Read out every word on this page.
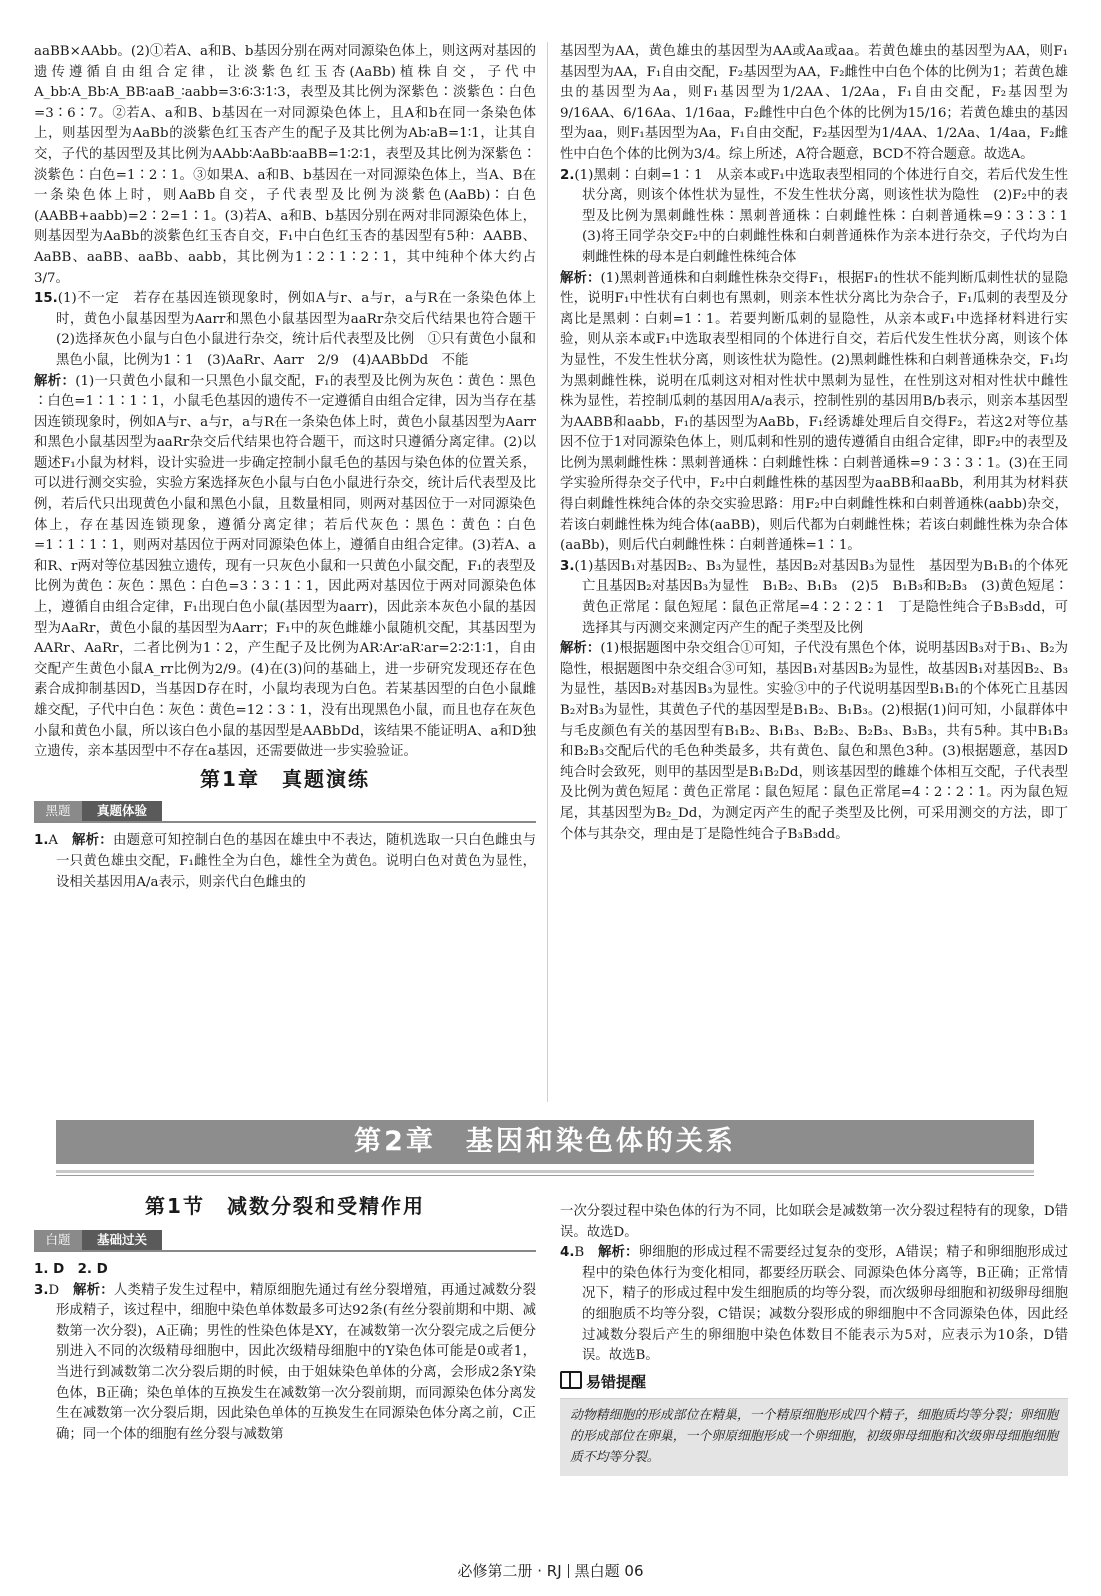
aaBB×AAbb。(2)①若A、a和B、b基因分别在两对同源染色体上，则这两对基因的遗传遵循自由组合定律，让淡紫色红玉杏(AaBb)植株自交，子代中A_bb∶A_Bb∶A_BB∶aaB_∶aabb=3∶6∶3∶1∶3，表型及其比例为深紫色∶淡紫色∶白色=3∶6∶7。②若A、a和B、b基因在一对同源染色体上，且A和b在同一条染色体上，则基因型为AaBb的淡紫色红玉杏产生的配子及其比例为Ab∶aB=1∶1，让其自交，子代的基因型及其比例为AAbb∶AaBb∶aaBB=1∶2∶1，表型及其比例为深紫色∶淡紫色∶白色=1∶2∶1。③如果A、a和B、b基因在一对同源染色体上，当A、B在一条染色体上时，则AaBb自交，子代表型及比例为淡紫色(AaBb)∶白色(AABB+aabb)=2∶2=1∶1。(3)若A、a和B、b基因分别在两对非同源染色体上，则基因型为AaBb的淡紫色红玉杏自交，F₁中白色红玉杏的基因型有5种：AABB、AaBB、aaBB、aaBb、aabb，其比例为1∶2∶1∶2∶1，其中纯种个体大约占3/7。

15.(1)不一定　若存在基因连锁现象时，例如A与r、a与r，a与R在一条染色体上时，黄色小鼠基因型为Aarr和黑色小鼠基因型为aaRr杂交后代结果也符合题干　(2)选择灰色小鼠与白色小鼠进行杂交，统计后代表型及比例　①只有黄色小鼠和黑色小鼠，比例为1∶1　(3)AaRr、Aarr　2/9　(4)AABbDd　不能

解析：(1)一只黄色小鼠和一只黑色小鼠交配，F₁的表型及比例为灰色∶黄色∶黑色∶白色=1∶1∶1∶1，小鼠毛色基因的遗传不一定遵循自由组合定律，因为当存在基因连锁现象时，例如A与r、a与r，a与R在一条染色体上时，黄色小鼠基因型为Aarr和黑色小鼠基因型为aaRr杂交后代结果也符合题干，而这时只遵循分离定律。(2)以题述F₁小鼠为材料，设计实验进一步确定控制小鼠毛色的基因与染色体的位置关系，可以进行测交实验，实验方案选择灰色小鼠与白色小鼠进行杂交，统计后代表型及比例，若后代只出现黄色小鼠和黑色小鼠，且数量相同，则两对基因位于一对同源染色体上，存在基因连锁现象，遵循分离定律；若后代灰色∶黑色∶黄色∶白色=1∶1∶1∶1，则两对基因位于两对同源染色体上，遵循自由组合定律。(3)若A、a和R、r两对等位基因独立遗传，现有一只灰色小鼠和一只黄色小鼠交配，F₁的表型及比例为黄色∶灰色∶黑色∶白色=3∶3∶1∶1，因此两对基因位于两对同源染色体上，遵循自由组合定律，F₁出现白色小鼠(基因型为aarr)，因此亲本灰色小鼠的基因型为AaRr，黄色小鼠的基因型为Aarr；F₁中的灰色雌雄小鼠随机交配，其基因型为AARr、AaRr，二者比例为1∶2，产生配子及比例为AR∶Ar∶aR∶ar=2∶2∶1∶1，自由交配产生黄色小鼠A_rr比例为2/9。(4)在(3)问的基础上，进一步研究发现还存在色素合成抑制基因D，当基因D存在时，小鼠均表现为白色。若某基因型的白色小鼠雌雄交配，子代中白色∶灰色∶黄色=12∶3∶1，没有出现黑色小鼠，而且也存在灰色小鼠和黄色小鼠，所以该白色小鼠的基因型是AABbDd，该结果不能证明A、a和D独立遗传，亲本基因型中不存在a基因，还需要做进一步实验验证。

第1章　真题演练
黑题	真题体验

1.A　 解析：由题意可知控制白色的基因在雄虫中不表达，随机选取一只白色雌虫与一只黄色雄虫交配，F₁雌性全为白色，雄性全为黄色。说明白色对黄色为显性，设相关基因用A/a表示，则亲代白色雌虫的

基因型为AA，黄色雄虫的基因型为AA或Aa或aa。若黄色雄虫的基因型为AA，则F₁基因型为AA，F₁自由交配，F₂基因型为AA，F₂雌性中白色个体的比例为1；若黄色雄虫的基因型为Aa，则F₁基因型为1/2AA、1/2Aa，F₁自由交配，F₂基因型为9/16AA、6/16Aa、1/16aa，F₂雌性中白色个体的比例为15/16；若黄色雄虫的基因型为aa，则F₁基因型为Aa，F₁自由交配，F₂基因型为1/4AA、1/2Aa、1/4aa，F₂雌性中白色个体的比例为3/4。综上所述，A符合题意，BCD不符合题意。故选A。

2.(1)黑刺∶白刺=1∶1　从亲本或F₁中选取表型相同的个体进行自交，若后代发生性状分离，则该个体性状为显性，不发生性状分离，则该性状为隐性　(2)F₂中的表型及比例为黑刺雌性株∶黑刺普通株∶白刺雌性株∶白刺普通株=9∶3∶3∶1　(3)将王同学杂交F₂中的白刺雌性株和白刺普通株作为亲本进行杂交，子代均为白刺雌性株的母本是白刺雌性株纯合体

解析：(1)黑刺普通株和白刺雌性株杂交得F₁，根据F₁的性状不能判断瓜刺性状的显隐性，说明F₁中性状有白刺也有黑刺，则亲本性状分离比为杂合子，F₁瓜刺的表型及分离比是黑刺∶白刺=1∶1。若要判断瓜刺的显隐性，从亲本或F₁中选择材料进行实验，则从亲本或F₁中选取表型相同的个体进行自交，若后代发生性状分离，则该个体为显性，不发生性状分离，则该性状为隐性。(2)黑刺雌性株和白刺普通株杂交，F₁均为黑刺雌性株，说明在瓜刺这对相对性状中黑刺为显性，在性别这对相对性状中雌性株为显性，若控制瓜刺的基因用A/a表示，控制性别的基因用B/b表示，则亲本基因型为AABB和aabb，F₁的基因型为AaBb，F₁经诱雄处理后自交得F₂，若这2对等位基因不位于1对同源染色体上，则瓜刺和性别的遗传遵循自由组合定律，即F₂中的表型及比例为黑刺雌性株∶黑刺普通株∶白刺雌性株∶白刺普通株=9∶3∶3∶1。(3)在王同学实验所得杂交子代中，F₂中白刺雌性株的基因型为aaBB和aaBb，利用其为材料获得白刺雌性株纯合体的杂交实验思路：用F₂中白刺雌性株和白刺普通株(aabb)杂交，若该白刺雌性株为纯合体(aaBB)，则后代都为白刺雌性株；若该白刺雌性株为杂合体(aaBb)，则后代白刺雌性株∶白刺普通株=1∶1。

3.(1)基因B₁对基因B₂、B₃为显性，基因B₂对基因B₃为显性　基因型为B₁B₁的个体死亡且基因B₂对基因B₃为显性　B₁B₂、B₁B₃　(2)5　B₁B₃和B₂B₃　(3)黄色短尾∶黄色正常尾∶鼠色短尾∶鼠色正常尾=4∶2∶2∶1　丁是隐性纯合子B₃B₃dd，可选择其与丙测交来测定丙产生的配子类型及比例

解析：(1)根据题图中杂交组合①可知，子代没有黑色个体，说明基因B₃对于B₁、B₂为隐性，根据题图中杂交组合③可知，基因B₁对基因B₂为显性，故基因B₁对基因B₂、B₃为显性，基因B₂对基因B₃为显性。实验③中的子代说明基因型B₁B₁的个体死亡且基因B₂对B₃为显性，其黄色子代的基因型是B₁B₂、B₁B₃。(2)根据(1)问可知，小鼠群体中与毛皮颜色有关的基因型有B₁B₂、B₁B₃、B₂B₂、B₂B₃、B₃B₃，共有5种。其中B₁B₃和B₂B₃交配后代的毛色种类最多，共有黄色、鼠色和黑色3种。(3)根据题意，基因D纯合时会致死，则甲的基因型是B₁B₂Dd，则该基因型的雌雄个体相互交配，子代表型及比例为黄色短尾∶黄色正常尾∶鼠色短尾∶鼠色正常尾=4∶2∶2∶1。丙为鼠色短尾，其基因型为B₂_Dd，为测定丙产生的配子类型及比例，可采用测交的方法，即丁个体与其杂交，理由是丁是隐性纯合子B₃B₃dd。

第2章　基因和染色体的关系
第1节　减数分裂和受精作用
白题	基础过关

1. D　2. D

3.D　 解析：人类精子发生过程中，精原细胞先通过有丝分裂增殖，再通过减数分裂形成精子，该过程中，细胞中染色单体数最多可达92条(有丝分裂前期和中期、减数第一次分裂)，A正确；男性的性染色体是XY，在减数第一次分裂完成之后便分别进入不同的次级精母细胞中，因此次级精母细胞中的Y染色体可能是0或者1，当进行到减数第二次分裂后期的时候，由于姐妹染色单体的分离，会形成2条Y染色体，B正确；染色单体的互换发生在减数第一次分裂前期，而同源染色体分离发生在减数第一次分裂后期，因此染色单体的互换发生在同源染色体分离之前，C正确；同一个体的细胞有丝分裂与减数第

一次分裂过程中染色体的行为不同，比如联会是减数第一次分裂过程特有的现象，D错误。故选D。

4.B　 解析：卵细胞的形成过程不需要经过复杂的变形，A错误；精子和卵细胞形成过程中的染色体行为变化相同，都要经历联会、同源染色体分离等，B正确；正常情况下，精子的形成过程中发生细胞质的均等分裂，而次级卵母细胞和初级卵母细胞的细胞质不均等分裂，C错误；减数分裂形成的卵细胞中不含同源染色体，因此经过减数分裂后产生的卵细胞中染色体数目不能表示为5对，应表示为10条，D错误。故选B。

易错提醒
动物精细胞的形成部位在精巢，一个精原细胞形成四个精子，细胞质均等分裂；卵细胞的形成部位在卵巢，一个卵原细胞形成一个卵细胞，初级卵母细胞和次级卵母细胞细胞质不均等分裂。
必修第二册 · RJ 黑白题 06
